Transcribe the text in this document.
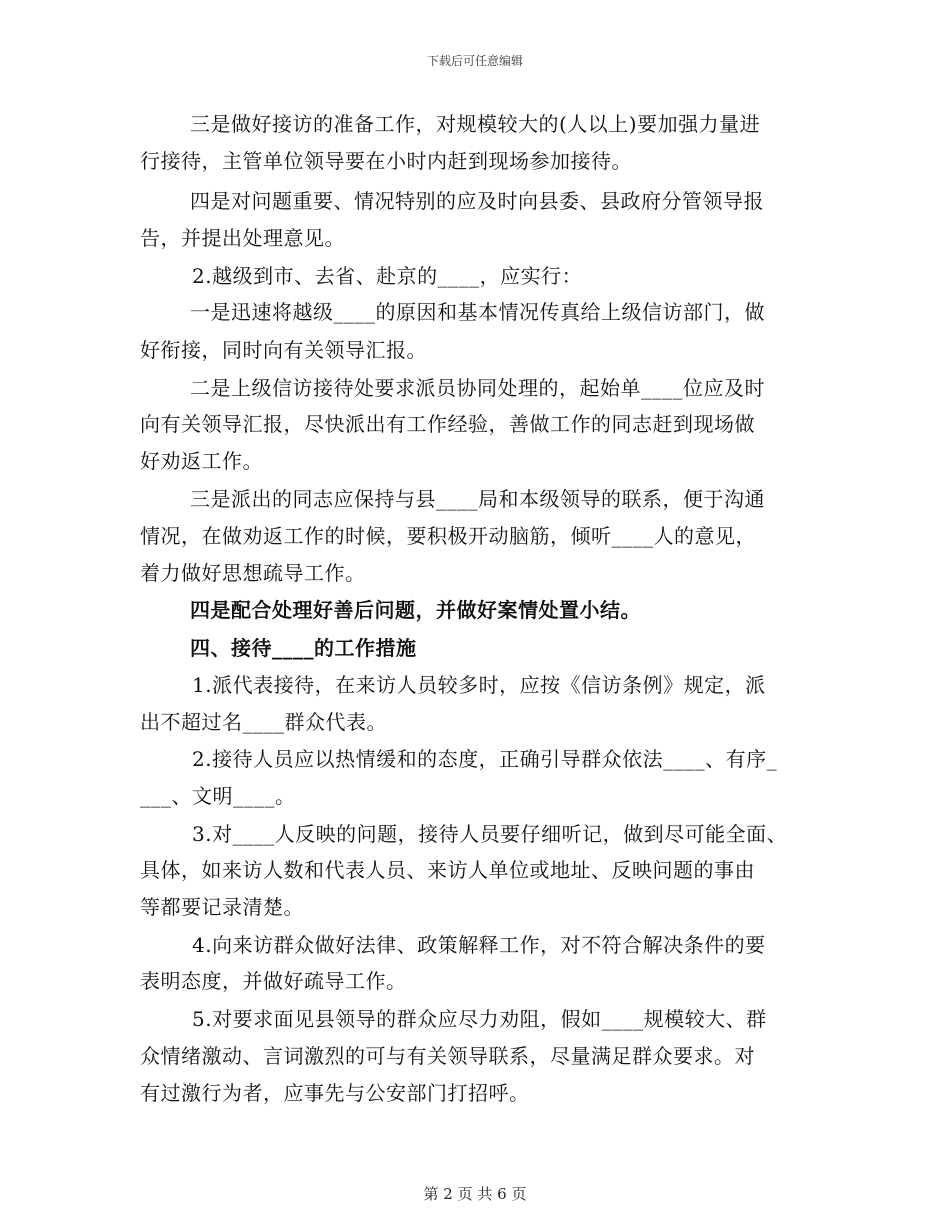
下载后可任意编辑
三是做好接访的准备工作，对规模较大的(人以上)要加强力量进
行接待，主管单位领导要在小时内赶到现场参加接待。
四是对问题重要、情况特别的应及时向县委、县政府分管领导报
告，并提出处理意见。
2.越级到市、去省、赴京的____，应实行：
一是迅速将越级____的原因和基本情况传真给上级信访部门，做
好衔接，同时向有关领导汇报。
二是上级信访接待处要求派员协同处理的，起始单____位应及时
向有关领导汇报，尽快派出有工作经验，善做工作的同志赶到现场做
好劝返工作。
三是派出的同志应保持与县____局和本级领导的联系，便于沟通
情况，在做劝返工作的时候，要积极开动脑筋，倾听____人的意见，
着力做好思想疏导工作。
四是配合处理好善后问题，并做好案情处置小结。
四、接待____的工作措施
1.派代表接待，在来访人员较多时，应按《信访条例》规定，派
出不超过名____群众代表。
2.接待人员应以热情缓和的态度，正确引导群众依法____、有序_
___、文明____。
3.对____人反映的问题，接待人员要仔细听记，做到尽可能全面、
具体，如来访人数和代表人员、来访人单位或地址、反映问题的事由
等都要记录清楚。
4.向来访群众做好法律、政策解释工作，对不符合解决条件的要
表明态度，并做好疏导工作。
5.对要求面见县领导的群众应尽力劝阻，假如____规模较大、群
众情绪激动、言词激烈的可与有关领导联系，尽量满足群众要求。对
有过激行为者，应事先与公安部门打招呼。
第 2 页 共 6 页
